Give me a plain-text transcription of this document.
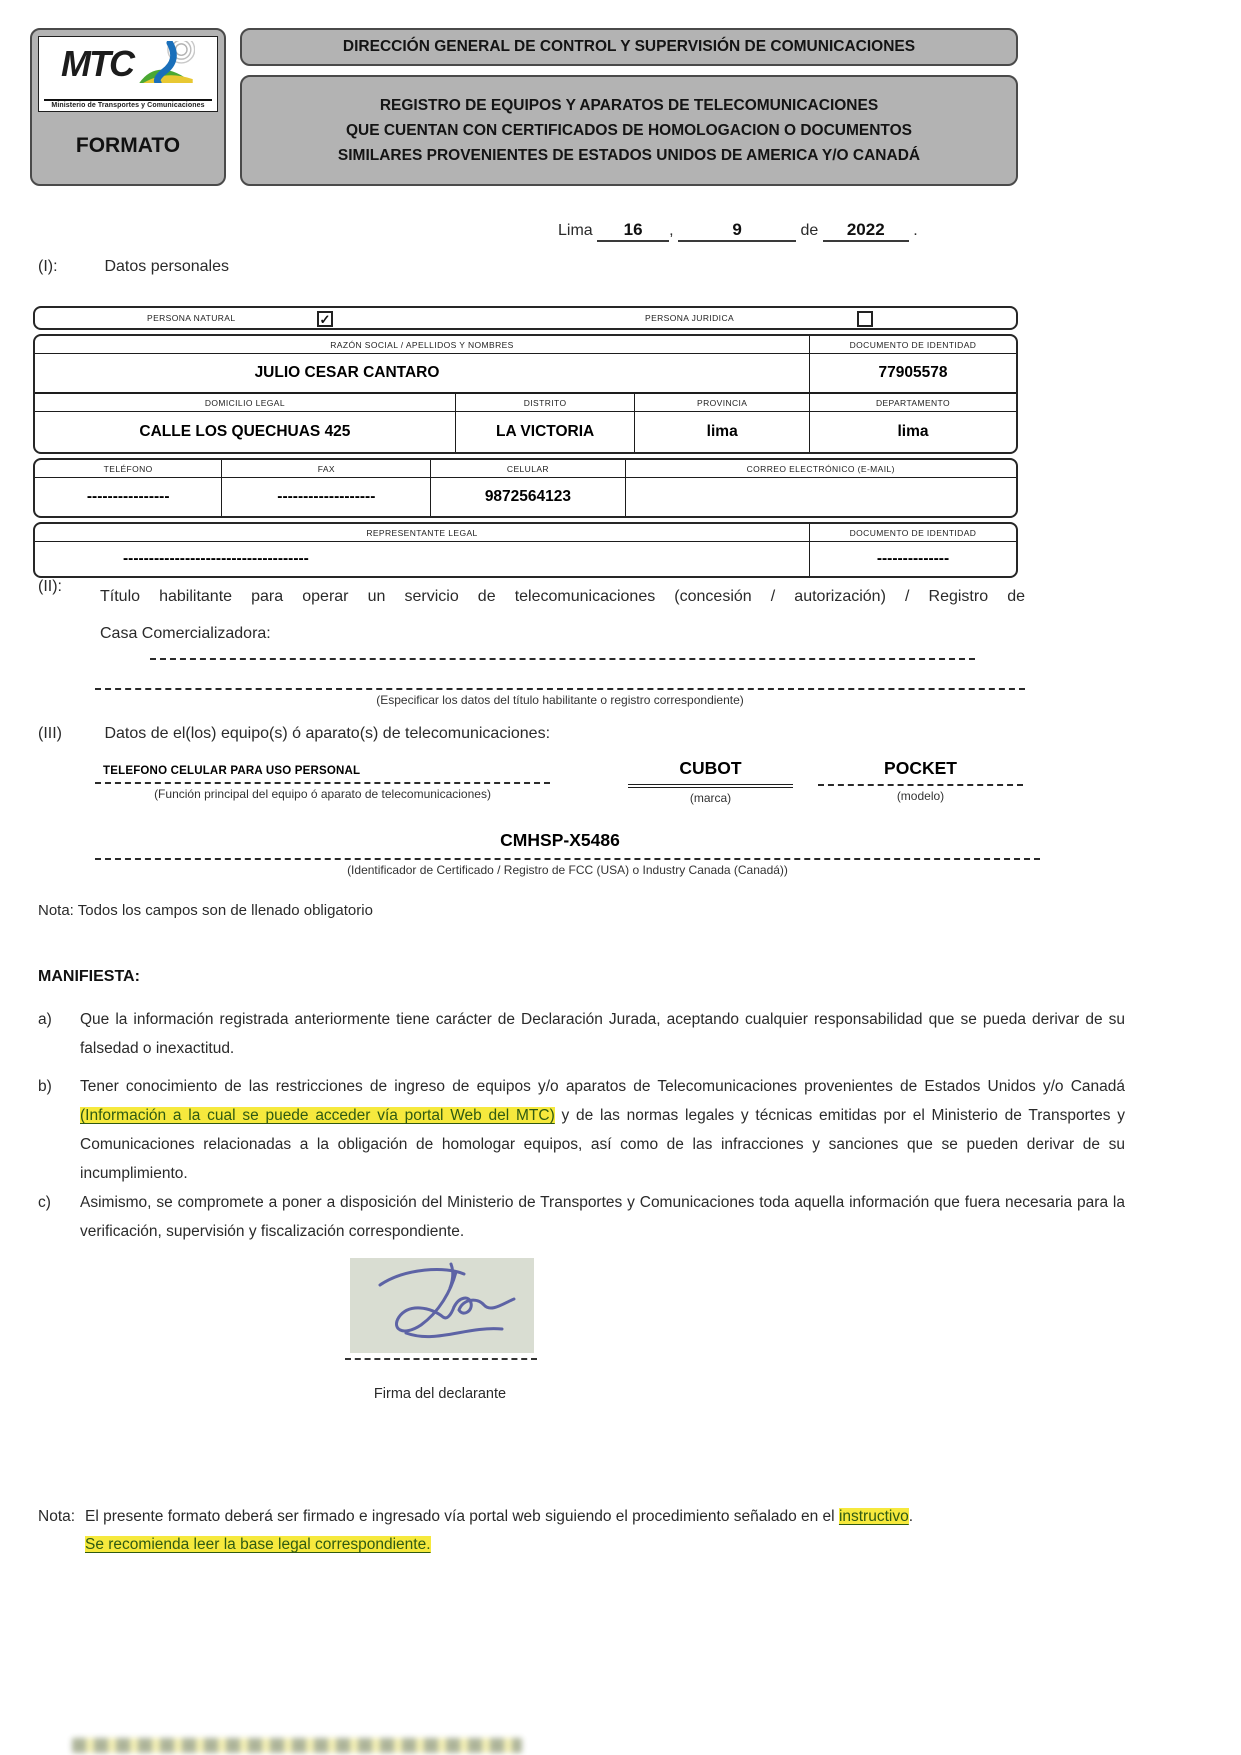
MTC
Ministerio de Transportes y Comunicaciones
FORMATO
DIRECCIÓN GENERAL DE CONTROL Y SUPERVISIÓN DE COMUNICACIONES
REGISTRO DE EQUIPOS Y APARATOS DE TELECOMUNICACIONES
QUE CUENTAN CON CERTIFICADOS DE HOMOLOGACION O DOCUMENTOS
SIMILARES PROVENIENTES DE ESTADOS UNIDOS DE AMERICA Y/O CANADÁ
Lima 16 ,	9	de 2022 .
(I):	Datos personales
PERSONA NATURAL	✓	PERSONA JURIDICA
RAZÓN SOCIAL / APELLIDOS Y NOMBRES	DOCUMENTO DE IDENTIDAD
JULIO CESAR CANTARO	77905578
DOMICILIO LEGAL	DISTRITO	PROVINCIA	DEPARTAMENTO
CALLE LOS QUECHUAS 425	LA VICTORIA	lima	lima
TELÉFONO	FAX	CELULAR	CORREO ELECTRÓNICO (E-MAIL)
----------------	-------------------	9872564123
REPRESENTANTE LEGAL	DOCUMENTO DE IDENTIDAD
------------------------------------	--------------
(II):
Título habilitante para operar un servicio de telecomunicaciones (concesión / autorización) / Registro de
Casa Comercializadora:
(Especificar los datos del título habilitante o registro correspondiente)
(III)	Datos de el(los) equipo(s) ó aparato(s) de telecomunicaciones:
TELEFONO CELULAR PARA USO PERSONAL
(Función principal del equipo ó aparato de telecomunicaciones)
CUBOT
(marca)
POCKET
(modelo)
CMHSP-X5486
(Identificador de Certificado / Registro de FCC (USA) o Industry Canada (Canadá))
Nota: Todos los campos son de llenado obligatorio
MANIFIESTA:
a) Que la información registrada anteriormente tiene carácter de Declaración Jurada, aceptando cualquier responsabilidad que se pueda derivar de su falsedad o inexactitud.
b) Tener conocimiento de las restricciones de ingreso de equipos y/o aparatos de Telecomunicaciones provenientes de Estados Unidos y/o Canadá (Información a la cual se puede acceder vía portal Web del MTC) y de las normas legales y técnicas emitidas por el Ministerio de Transportes y Comunicaciones relacionadas a la obligación de homologar equipos, así como de las infracciones y sanciones que se pueden derivar de su incumplimiento.
c) Asimismo, se compromete a poner a disposición del Ministerio de Transportes y Comunicaciones toda aquella información que fuera necesaria para la verificación, supervisión y fiscalización correspondiente.
Firma del declarante
Nota: El presente formato deberá ser firmado e ingresado vía portal web siguiendo el procedimiento señalado en el instructivo.
Se recomienda leer la base legal correspondiente.
